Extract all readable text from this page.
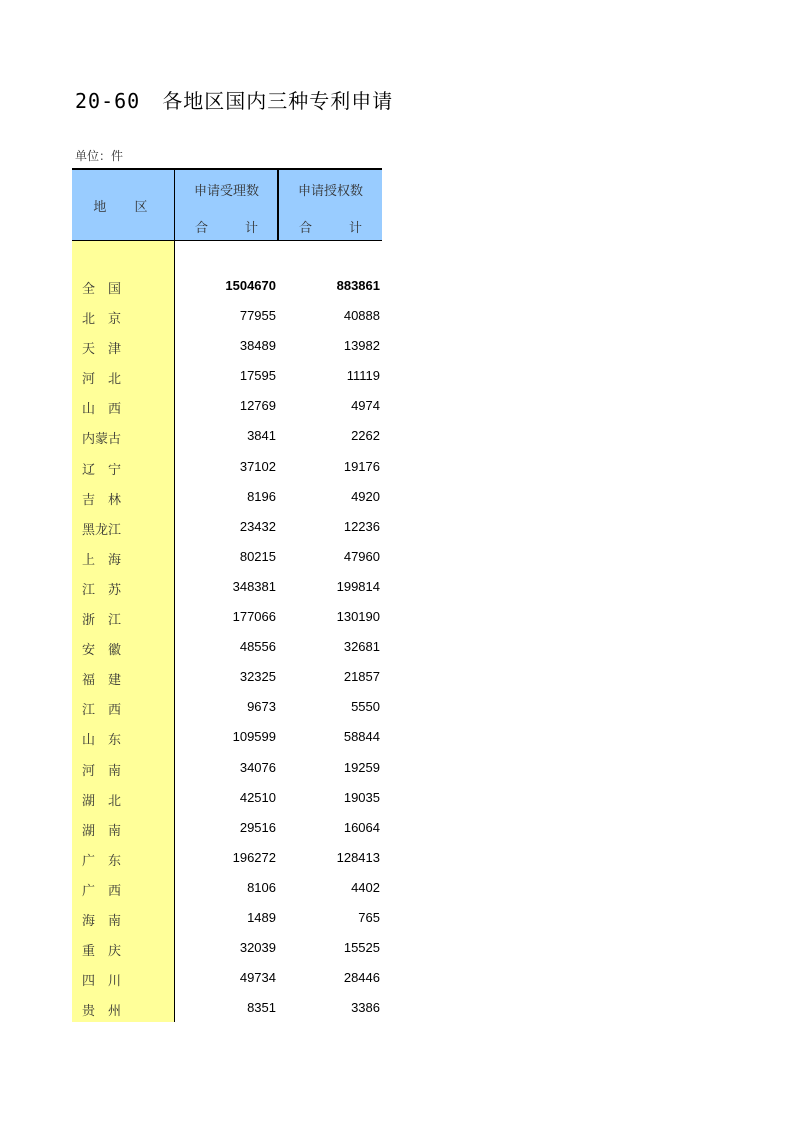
20-60 各地区国内三种专利申请
单位：件
地 区
申请受理数
合	计
申请授权数
合	计
全　国	1504670	883861
北　京	77955	40888
天　津	38489	13982
河　北	17595	11119
山　西	12769	4974
内蒙古	3841	2262
辽　宁	37102	19176
吉　林	8196	4920
黑龙江	23432	12236
上　海	80215	47960
江　苏	348381	199814
浙　江	177066	130190
安　徽	48556	32681
福　建	32325	21857
江　西	9673	5550
山　东	109599	58844
河　南	34076	19259
湖　北	42510	19035
湖　南	29516	16064
广　东	196272	128413
广　西	8106	4402
海　南	1489	765
重　庆	32039	15525
四　川	49734	28446
贵　州	8351	3386
